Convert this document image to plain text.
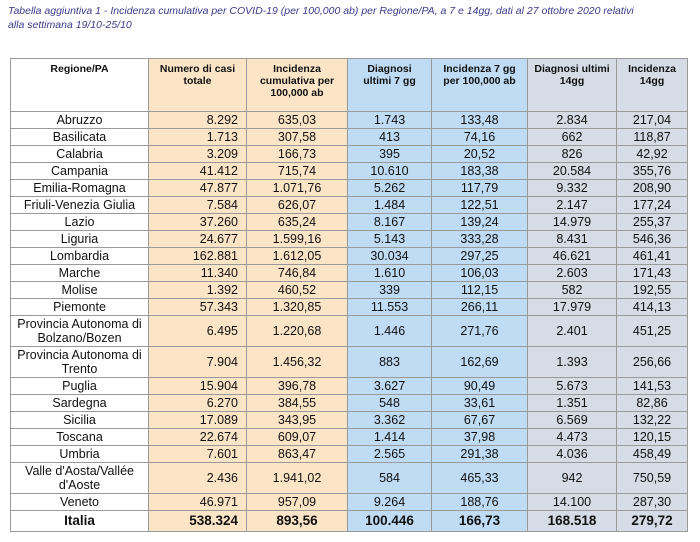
Tabella aggiuntiva 1 - Incidenza cumulativa per COVID-19 (per 100,000 ab) per Regione/PA, a 7 e 14gg, dati al 27 ottobre 2020 relativi
alla settimana 19/10-25/10
Regione/PA	Numero di casi totale	Incidenza cumulativa per 100,000 ab	Diagnosi ultimi 7 gg	Incidenza 7 gg per 100,000 ab	Diagnosi ultimi 14gg	Incidenza 14gg
Abruzzo	8.292	635,03	1.743	133,48	2.834	217,04
Basilicata	1.713	307,58	413	74,16	662	118,87
Calabria	3.209	166,73	395	20,52	826	42,92
Campania	41.412	715,74	10.610	183,38	20.584	355,76
Emilia-Romagna	47.877	1.071,76	5.262	117,79	9.332	208,90
Friuli-Venezia Giulia	7.584	626,07	1.484	122,51	2.147	177,24
Lazio	37.260	635,24	8.167	139,24	14.979	255,37
Liguria	24.677	1.599,16	5.143	333,28	8.431	546,36
Lombardia	162.881	1.612,05	30.034	297,25	46.621	461,41
Marche	11.340	746,84	1.610	106,03	2.603	171,43
Molise	1.392	460,52	339	112,15	582	192,55
Piemonte	57.343	1.320,85	11.553	266,11	17.979	414,13
Provincia Autonoma di Bolzano/Bozen	6.495	1.220,68	1.446	271,76	2.401	451,25
Provincia Autonoma di Trento	7.904	1.456,32	883	162,69	1.393	256,66
Puglia	15.904	396,78	3.627	90,49	5.673	141,53
Sardegna	6.270	384,55	548	33,61	1.351	82,86
Sicilia	17.089	343,95	3.362	67,67	6.569	132,22
Toscana	22.674	609,07	1.414	37,98	4.473	120,15
Umbria	7.601	863,47	2.565	291,38	4.036	458,49
Valle d'Aosta/Vallée d'Aoste	2.436	1.941,02	584	465,33	942	750,59
Veneto	46.971	957,09	9.264	188,76	14.100	287,30
Italia	538.324	893,56	100.446	166,73	168.518	279,72
